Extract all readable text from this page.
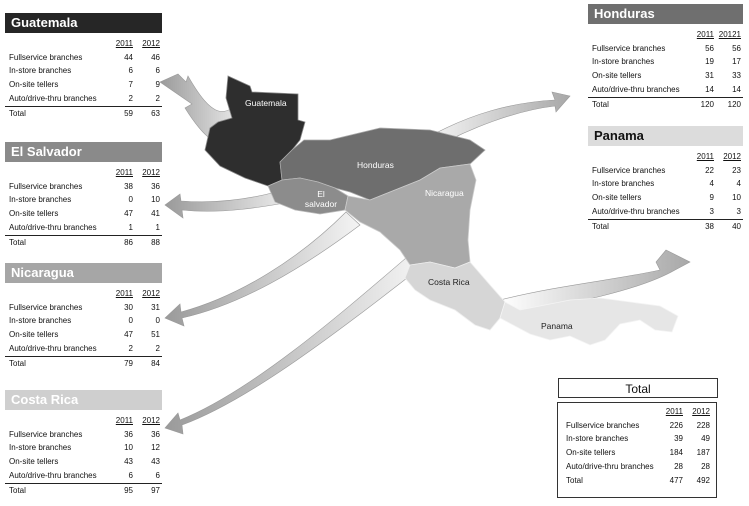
Guatemala
Honduras
El
salvador
Nicaragua
Costa Rica
Panama
Guatemala
	2011	2012
Fullservice branches	44	46
In-store branches	6	6
On-site tellers	7	9
Auto/drive-thru branches	2	2
Total	59	63
El Salvador
	2011	2012
Fullservice branches	38	36
In-store branches	0	10
On-site tellers	47	41
Auto/drive-thru branches	1	1
Total	86	88
Nicaragua
	2011	2012
Fullservice branches	30	31
In-store branches	0	0
On-site tellers	47	51
Auto/drive-thru branches	2	2
Total	79	84
Costa Rica
	2011	2012
Fullservice branches	36	36
In-store branches	10	12
On-site tellers	43	43
Auto/drive-thru branches	6	6
Total	95	97
Honduras
	2011	20121
Fullservice branches	56	56
In-store branches	19	17
On-site tellers	31	33
Auto/drive-thru branches	14	14
Total	120	120
Panama
	2011	2012
Fullservice branches	22	23
In-store branches	4	4
On-site tellers	9	10
Auto/drive-thru branches	3	3
Total	38	40
Total
	2011	2012
Fullservice branches	226	228
In-store branches	39	49
On-site tellers	184	187
Auto/drive-thru branches	28	28
Total	477	492
